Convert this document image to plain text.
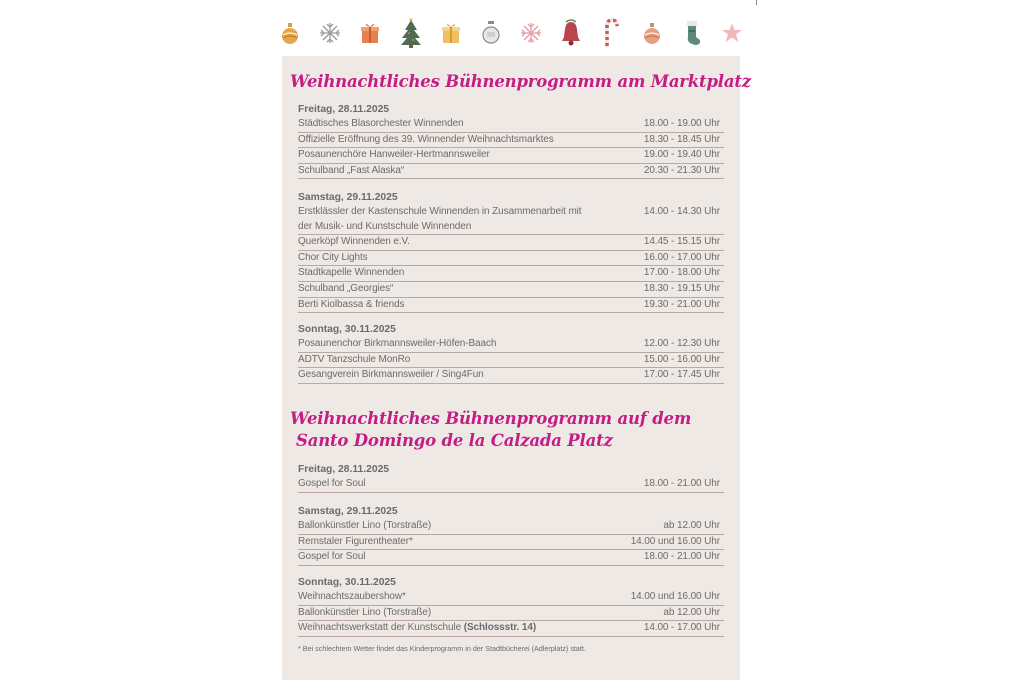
Weihnachtliches Bühnenprogramm am Marktplatz
Freitag, 28.11.2025
Städtisches Blasorchester Winnenden	18.00 - 19.00 Uhr
Offizielle Eröffnung des 39. Winnender Weihnachtsmarktes	18.30 - 18.45 Uhr
Posaunenchöre Hanweiler-Hertmannsweiler	19.00 - 19.40 Uhr
Schulband „Fast Alaska“	20.30 - 21.30 Uhr
Samstag, 29.11.2025
Erstklässler der Kastenschule Winnenden in Zusammenarbeit mit der Musik- und Kunstschule Winnenden
14.00 - 14.30 Uhr
Querköpf Winnenden e.V.	14.45 - 15.15 Uhr
Chor City Lights	16.00 - 17.00 Uhr
Stadtkapelle Winnenden	17.00 - 18.00 Uhr
Schulband „Georgies“	18.30 - 19.15 Uhr
Berti Kiolbassa & friends	19.30 - 21.00 Uhr
Sonntag, 30.11.2025
Posaunenchor Birkmannsweiler-Höfen-Baach	12.00 - 12.30 Uhr
ADTV Tanzschule MonRo	15.00 - 16.00 Uhr
Gesangverein Birkmannsweiler / Sing4Fun	17.00 - 17.45 Uhr
Weihnachtliches Bühnenprogramm auf dem
Santo Domingo de la Calzada Platz
Freitag, 28.11.2025
Gospel for Soul	18.00 - 21.00 Uhr
Samstag, 29.11.2025
Ballonkünstler Lino (Torstraße)	ab 12.00 Uhr
Remstaler Figurentheater*	14.00 und 16.00 Uhr
Gospel for Soul	18.00 - 21.00 Uhr
Sonntag, 30.11.2025
Weihnachtszaubershow*	14.00 und 16.00 Uhr
Ballonkünstler Lino (Torstraße)	ab 12.00 Uhr
Weihnachtswerkstatt der Kunstschule (Schlossstr. 14)	14.00 - 17.00 Uhr
* Bei schlechtem Wetter findet das Kinderprogramm in der Stadtbücherei (Adlerplatz) statt.
